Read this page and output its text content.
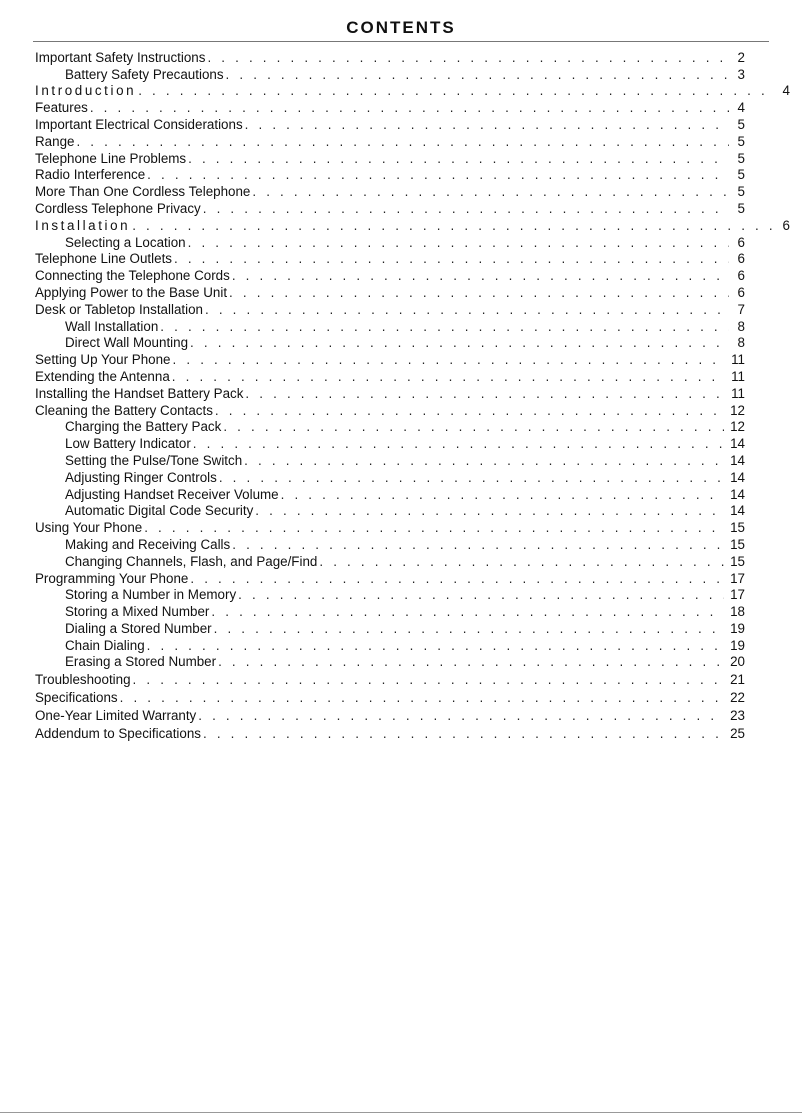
CONTENTS
Important Safety Instructions . . .	2
Battery Safety Precautions . . .	3
Introduction . . .	4
Features . . .	4
Important Electrical Considerations . . .	5
Range . . .	5
Telephone Line Problems . . .	5
Radio Interference . . .	5
More Than One Cordless Telephone . . .	5
Cordless Telephone Privacy . . .	5
Installation . . .	6
Selecting a Location . . .	6
Telephone Line Outlets . . .	6
Connecting the Telephone Cords . . .	6
Applying Power to the Base Unit . . .	6
Desk or Tabletop Installation . . .	7
Wall Installation . . .	8
Direct Wall Mounting . . .	8
Setting Up Your Phone . . .	11
Extending the Antenna . . .	11
Installing the Handset Battery Pack . . .	11
Cleaning the Battery Contacts . . .	12
Charging the Battery Pack . . .	12
Low Battery Indicator . . .	14
Setting the Pulse/Tone Switch . . .	14
Adjusting Ringer Controls . . .	14
Adjusting Handset Receiver Volume . . .	14
Automatic Digital Code Security . . .	14
Using Your Phone . . .	15
Making and Receiving Calls . . .	15
Changing Channels, Flash, and Page/Find . . .	15
Programming Your Phone . . .	17
Storing a Number in Memory . . .	17
Storing a Mixed Number . . .	18
Dialing a Stored Number . . .	19
Chain Dialing . . .	19
Erasing a Stored Number . . .	20
Troubleshooting . . .	21
Specifications . . .	22
One-Year Limited Warranty . . .	23
Addendum to Specifications . . .	25
